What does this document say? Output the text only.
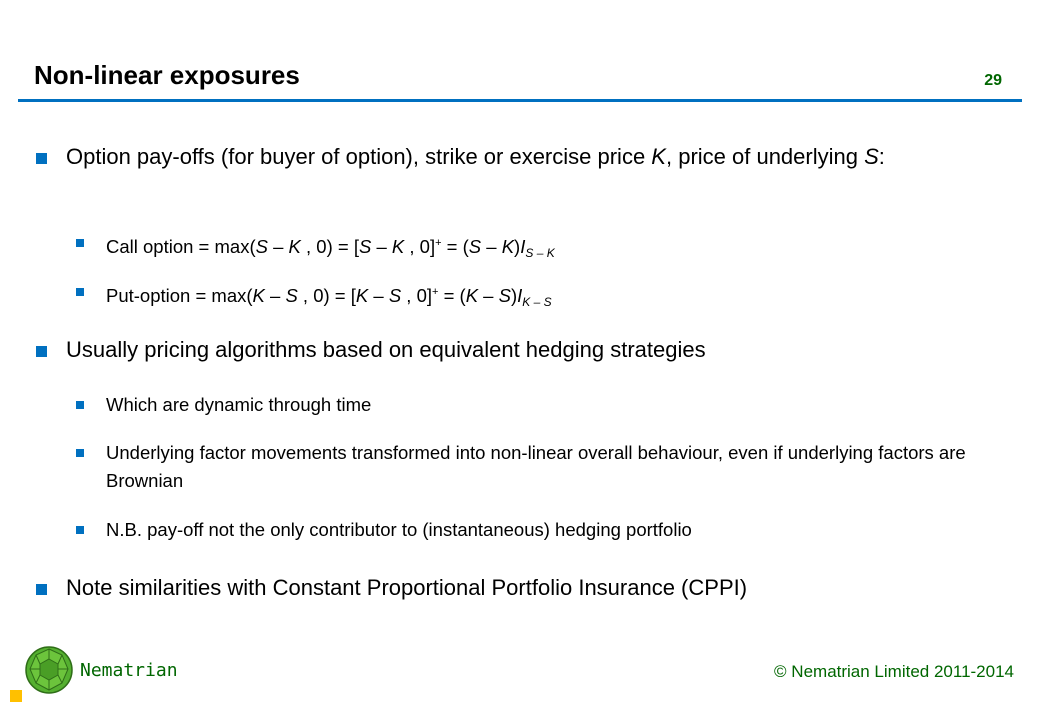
Non-linear exposures	29
Option pay-offs (for buyer of option), strike or exercise price K, price of underlying S:
Call option = max(S – K , 0) = [S – K , $0]^+ = (S - K)I_{S - K}$
Put-option = max(K – S , 0) = [K – S , $0]^+ = (K - S)I_{K - S}$
Usually pricing algorithms based on equivalent hedging strategies
Which are dynamic through time
Underlying factor movements transformed into non-linear overall behaviour, even if underlying factors are Brownian
N.B. pay-off not the only contributor to (instantaneous) hedging portfolio
Note similarities with Constant Proportional Portfolio Insurance (CPPI)
Nematrian	© Nematrian Limited 2011-2014
